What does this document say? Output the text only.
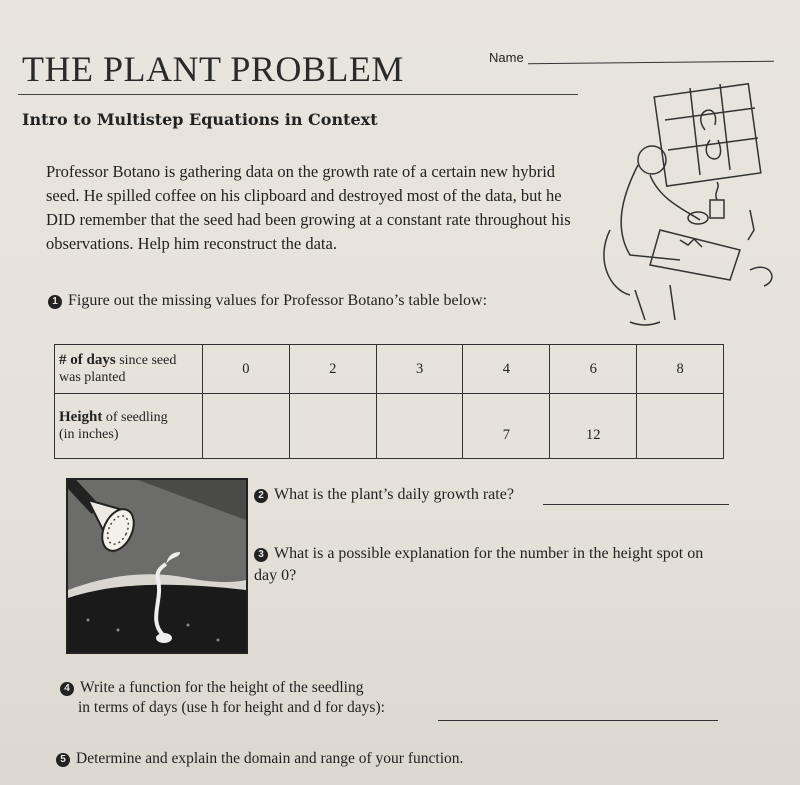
THE PLANT PROBLEM	Name
Intro to Multistep Equations in Context

Professor Botano is gathering data on the growth rate of a certain new hybrid seed. He spilled coffee on his clipboard and destroyed most of the data, but he DID remember that the seed had been growing at a constant rate throughout his observations. Help him reconstruct the data.

1 Figure out the missing values for Professor Botano’s table below:
# of days since seed was planted	0	2	3	4	6	8
Height of seedling
(in inches)				7	12	
2 What is the plant’s daily growth rate?
3 What is a possible explanation for the number in the height spot on day 0?
4 Write a function for the height of the seedling
in terms of days (use h for height and d for days):
5 Determine and explain the domain and range of your function.
